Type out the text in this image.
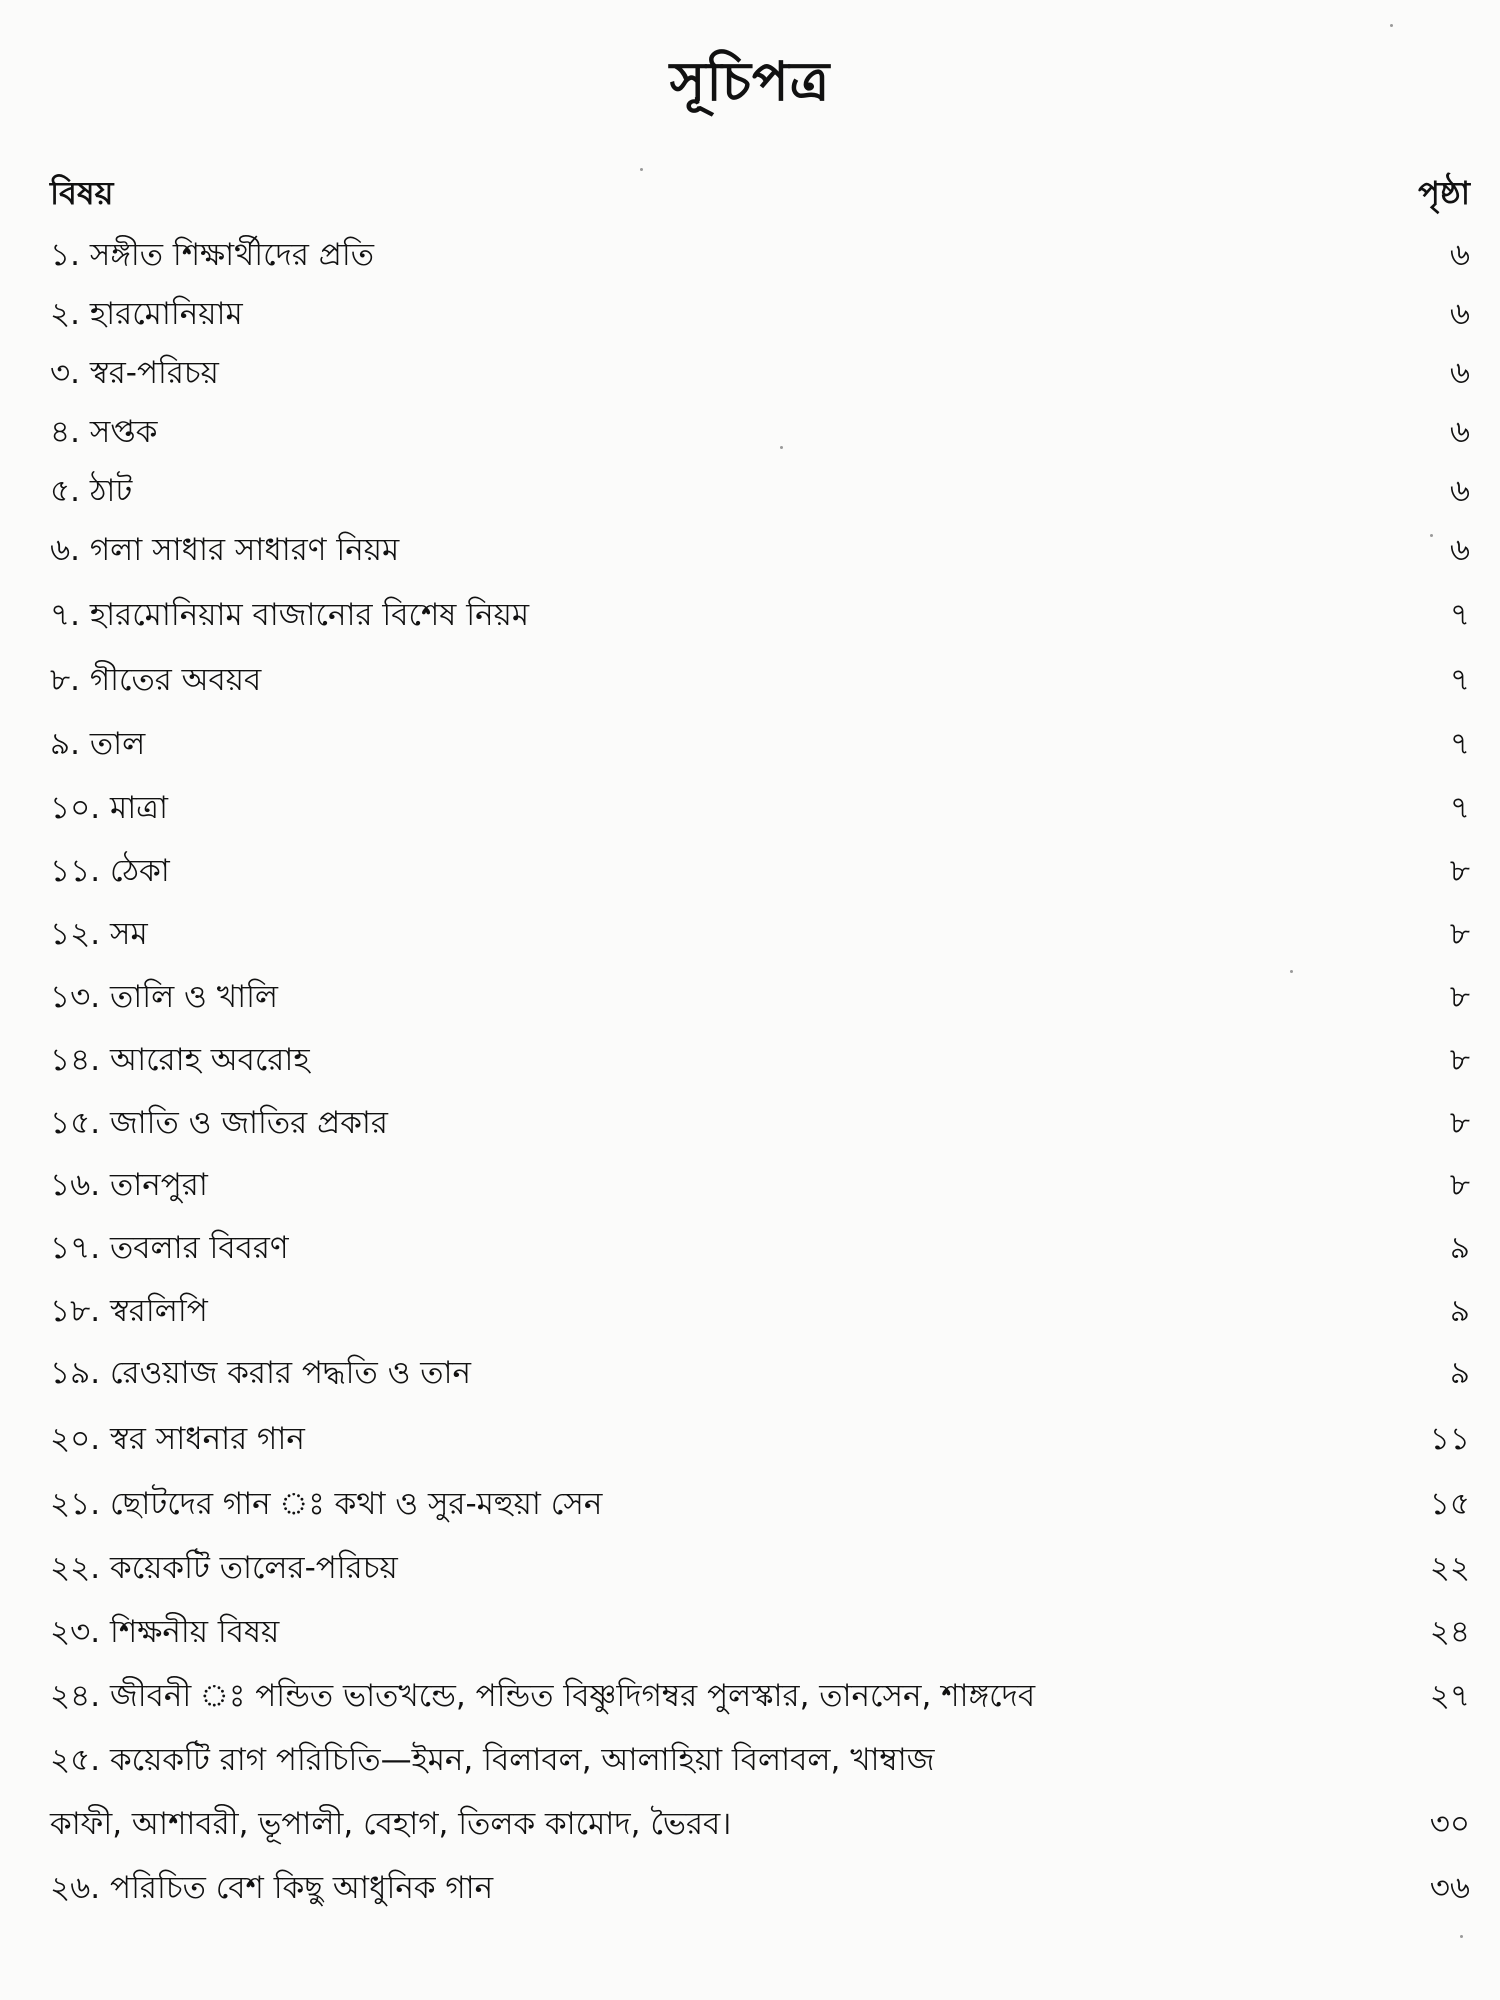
সূচিপত্র
বিষয়	পৃষ্ঠা
১. সঙ্গীত শিক্ষার্থীদের প্রতি	৬
২. হারমোনিয়াম	৬
৩. স্বর-পরিচয়	৬
৪. সপ্তক	৬
৫. ঠাট	৬
৬. গলা সাধার সাধারণ নিয়ম	৬
৭. হারমোনিয়াম বাজানোর বিশেষ নিয়ম	৭
৮. গীতের অবয়ব	৭
৯. তাল	৭
১০. মাত্রা	৭
১১. ঠেকা	৮
১২. সম	৮
১৩. তালি ও খালি	৮
১৪. আরোহ অবরোহ	৮
১৫. জাতি ও জাতির প্রকার	৮
১৬. তানপুরা	৮
১৭. তবলার বিবরণ	৯
১৮. স্বরলিপি	৯
১৯. রেওয়াজ করার পদ্ধতি ও তান	৯
২০. স্বর সাধনার গান	১১
২১. ছোটদের গান ঃ কথা ও সুর-মহুয়া সেন	১৫
২২. কয়েকটি তালের-পরিচয়	২২
২৩. শিক্ষনীয় বিষয়	২৪
২৪. জীবনী ঃ পন্ডিত ভাতখন্ডে, পন্ডিত বিষ্ণুদিগম্বর পুলস্কার, তানসেন, শাঙ্গদেব	২৭
২৫. কয়েকটি রাগ পরিচিতি—ইমন, বিলাবল, আলাহিয়া বিলাবল, খাম্বাজ
কাফী, আশাবরী, ভূপালী, বেহাগ, তিলক কামোদ, ভৈরব।	৩০
২৬. পরিচিত বেশ কিছু আধুনিক গান	৩৬
